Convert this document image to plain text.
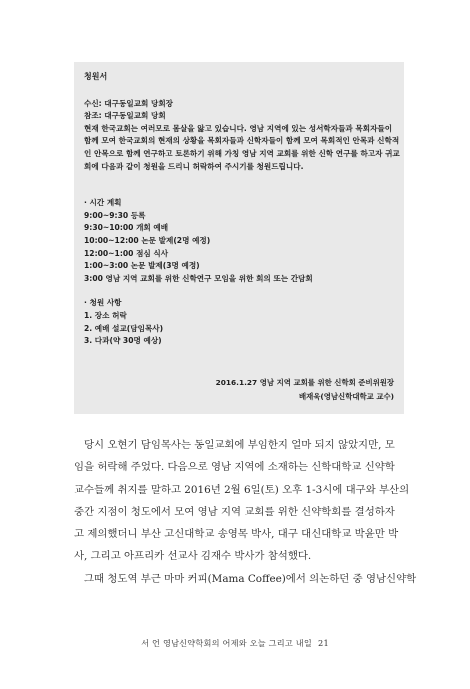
청원서
수신: 대구동일교회 당회장
참조: 대구동일교회 당회
현재 한국교회는 여러모로 몸살을 앓고 있습니다. 영남 지역에 있는 성서학자들과 목회자들이
함께 모여 한국교회의 현재의 상황을 목회자들과 신학자들이 함께 모여 목회적인 안목과 신학적
인 안목으로 함께 연구하고 토론하기 위해 가칭 영남 지역 교회를 위한 신학 연구를 하고자 귀교
회에 다음과 같이 청원을 드리니 허락하여 주시기를 청원드립니다.
· 시간 계획
9:00~9:30 등록
9:30~10:00 개회 예배
10:00~12:00 논문 발제(2명 예정)
12:00~1:00 점심 식사
1:00~3:00 논문 발제(3명 예정)
3:00 영남 지역 교회를 위한 신학연구 모임을 위한 회의 또는 간담회
· 청원 사항
1. 장소 허락
2. 예배 설교(담임목사)
3. 다과(약 30명 예상)
2016.1.27 영남 지역 교회를 위한 신학회 준비위원장
배재욱(영남신학대학교 교수)
당시 오현기 담임목사는 동일교회에 부임한지 얼마 되지 않았지만, 모
임을 허락해 주었다. 다음으로 영남 지역에 소재하는 신학대학교 신약학
교수들께 취지를 말하고 2016년 2월 6일(토) 오후 1-3시에 대구와 부산의
중간 지점이 청도에서 모여 영남 지역 교회를 위한 신약학회를 결성하자
고 제의했더니 부산 고신대학교 송영목 박사, 대구 대신대학교 박윤만 박
사, 그리고 아프리카 선교사 김재수 박사가 참석했다.
그때 청도역 부근 마마 커피(Mama Coffee)에서 의논하던 중 영남신약학
서 언 영남신약학회의 어제와 오늘 그리고 내일 21
